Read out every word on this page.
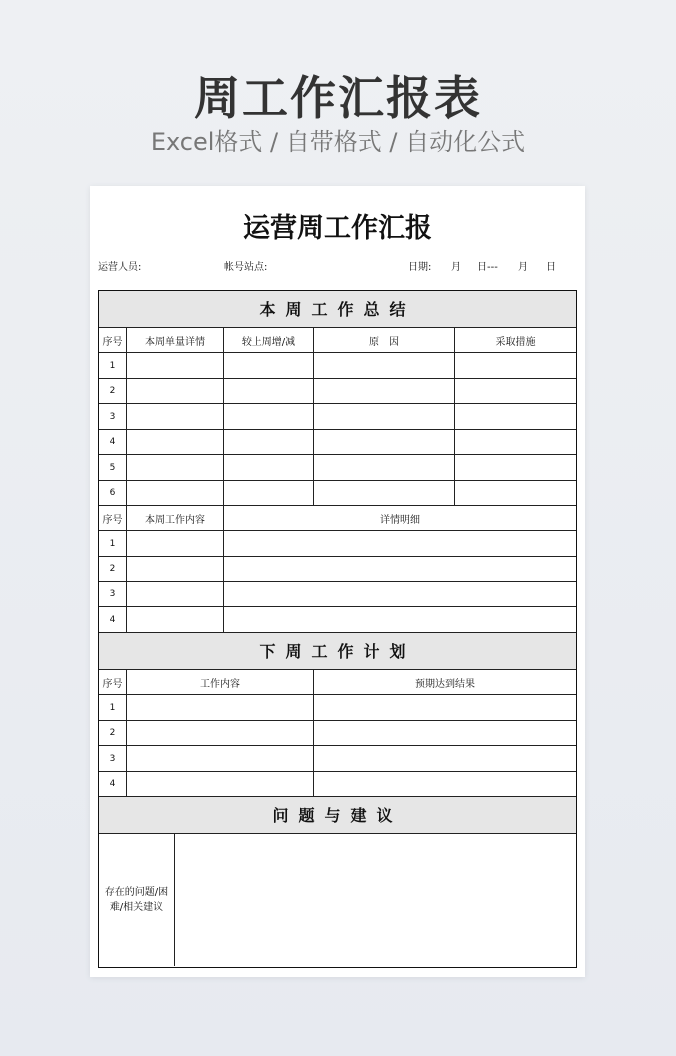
周工作汇报表
Excel格式 / 自带格式 / 自动化公式
运营周工作汇报
运营人员:	帐号站点:	日期: 月 日--- 月 日
本周工作总结
序号	本周单量详情	较上周增/减	原　因	采取措施
1
2
3
4
5
6
序号	本周工作内容	详情明细
1
2
3
4
下周工作计划
序号	工作内容	预期达到结果
1
2
3
4
问题与建议
存在的问题/困难/相关建议
